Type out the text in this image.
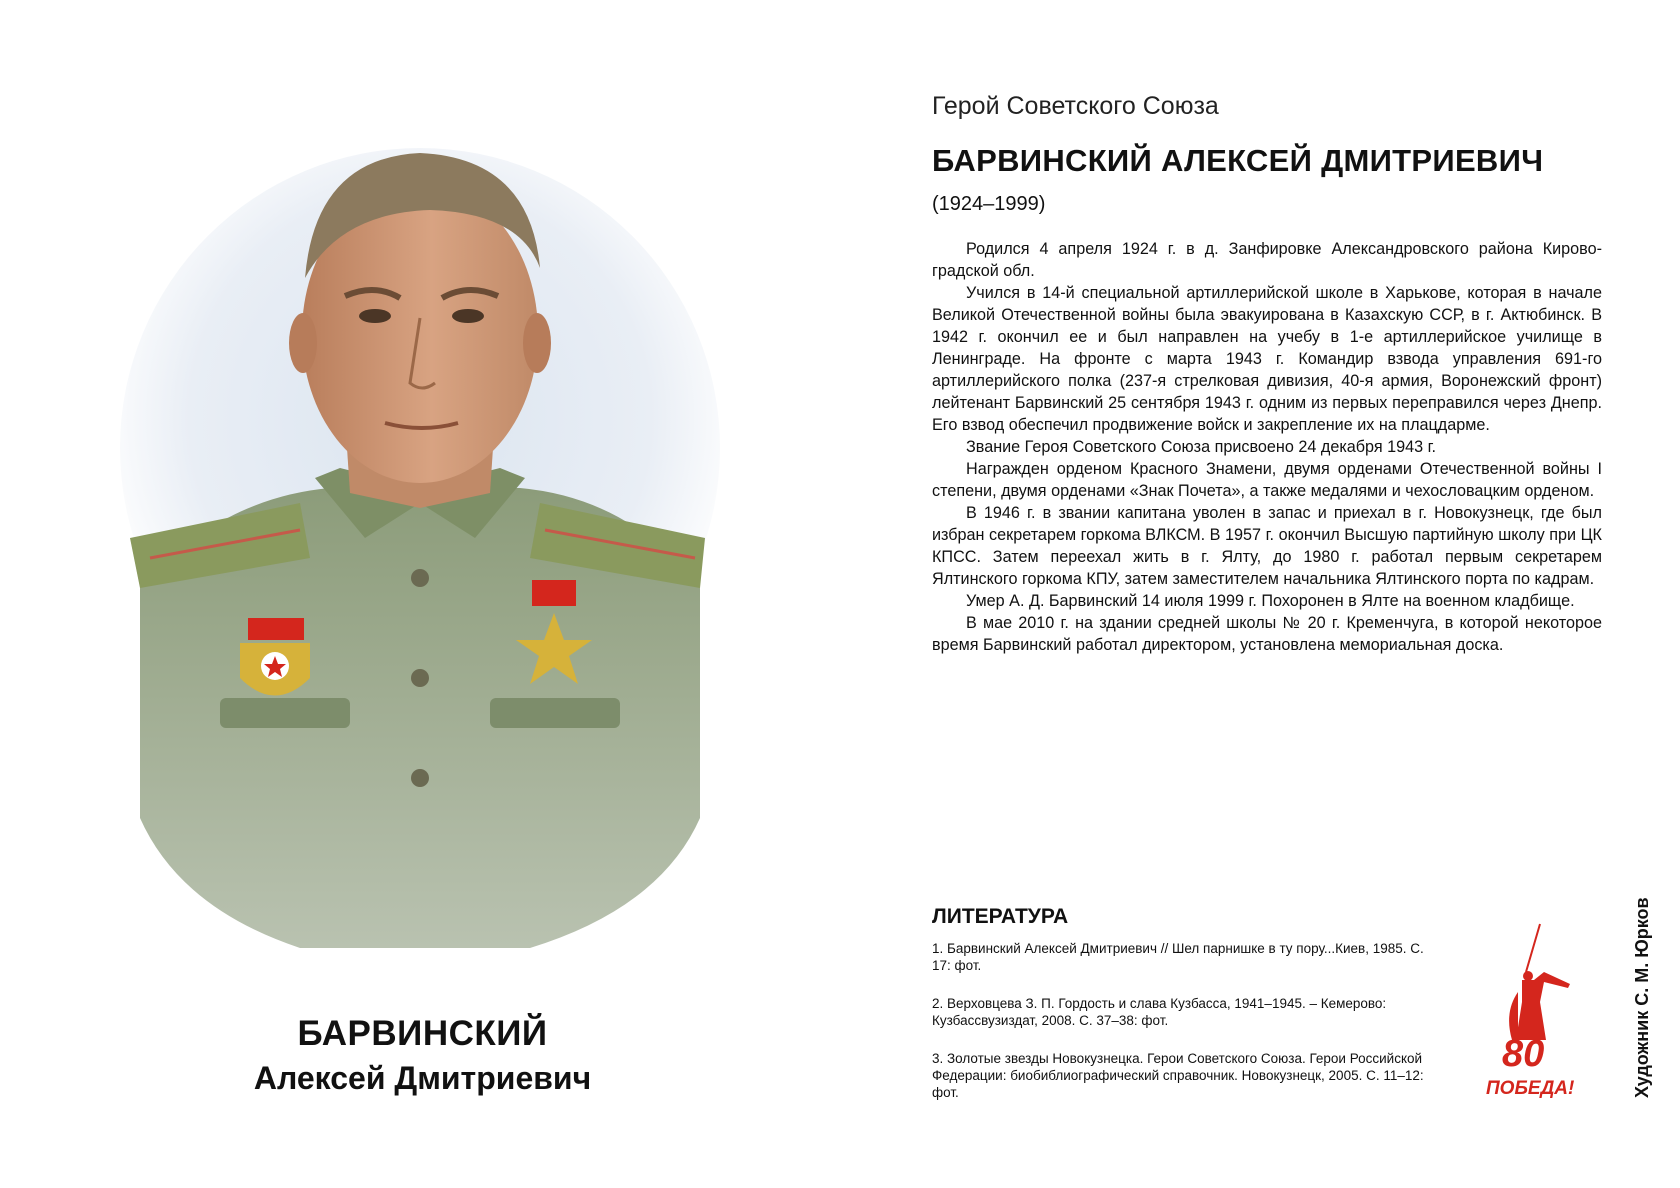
БАРВИНСКИЙ
Алексей Дмитриевич
Герой Советского Союза
БАРВИНСКИЙ АЛЕКСЕЙ ДМИТРИЕВИЧ
(1924–1999)

Родился 4 апреля 1924 г. в д. Занфировке Александровского района Кирово-градской обл.

Учился в 14-й специальной артиллерийской школе в Харькове, которая в начале Великой Отечественной войны была эвакуирована в Казахскую ССР, в г. Актюбинск. В 1942 г. окончил ее и был направлен на учебу в 1-е артиллерийское училище в Ленинграде. На фронте с марта 1943 г. Командир взвода управления 691-го артиллерийского полка (237-я стрелковая дивизия, 40-я армия, Воронежский фронт) лейтенант Барвинский 25 сентября 1943 г. одним из первых переправился через Днепр. Его взвод обеспечил продвижение войск и закрепление их на плацдарме.

Звание Героя Советского Союза присвоено 24 декабря 1943 г.

Награжден орденом Красного Знамени, двумя орденами Отечественной войны I степени, двумя орденами «Знак Почета», а также медалями и чехословацким орденом.

В 1946 г. в звании капитана уволен в запас и приехал в г. Новокузнецк, где был избран секретарем горкома ВЛКСМ. В 1957 г. окончил Высшую партийную школу при ЦК КПСС. Затем переехал жить в г. Ялту, до 1980 г. работал первым секретарем Ялтинского горкома КПУ, затем заместителем начальника Ялтинского порта по кадрам.

Умер А. Д. Барвинский 14 июля 1999 г. Похоронен в Ялте на военном кладбище.

В мае 2010 г. на здании средней школы № 20 г. Кременчуга, в которой некоторое время Барвинский работал директором, установлена мемориальная доска.

ЛИТЕРАТУРА
1. Барвинский Алексей Дмитриевич // Шел парнишке в ту пору...Киев, 1985. С. 17: фот.
2. Верховцева З. П. Гордость и слава Кузбасса, 1941–1945. – Кемерово: Кузбассвузиздат, 2008. С. 37–38: фот.
3. Золотые звезды Новокузнецка. Герои Советского Союза. Герои Российской Федерации: биобиблиографический справочник. Новокузнецк, 2005. С. 11–12: фот.
80
ПОБЕДА!	Художник С. М. Юрков
